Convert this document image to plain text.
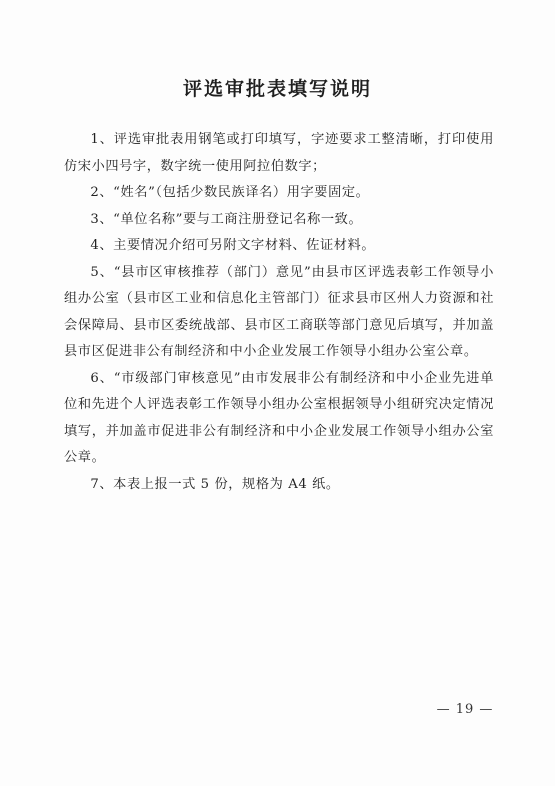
评选审批表填写说明

1、评选审批表用钢笔或打印填写，字迹要求工整清晰，打印使用仿宋小四号字，数字统一使用阿拉伯数字；

2、“姓名”（包括少数民族译名）用字要固定。

3、“单位名称”要与工商注册登记名称一致。

4、主要情况介绍可另附文字材料、佐证材料。

5、“县市区审核推荐（部门）意见”由县市区评选表彰工作领导小组办公室（县市区工业和信息化主管部门）征求县市区州人力资源和社会保障局、县市区委统战部、县市区工商联等部门意见后填写，并加盖县市区促进非公有制经济和中小企业发展工作领导小组办公室公章。

6、“市级部门审核意见”由市发展非公有制经济和中小企业先进单位和先进个人评选表彰工作领导小组办公室根据领导小组研究决定情况填写，并加盖市促进非公有制经济和中小企业发展工作领导小组办公室公章。

7、本表上报一式 5 份，规格为 A4 纸。

— 19 —
